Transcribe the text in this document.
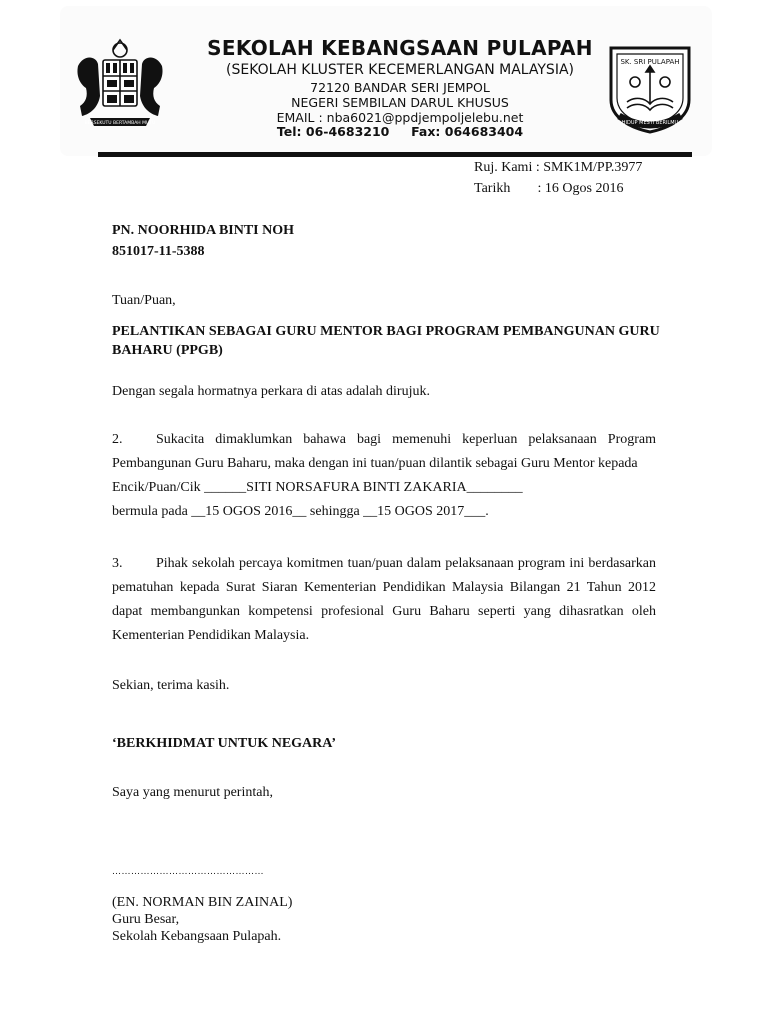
BERSEKUTU BERTAMBAH MUTU
SK. SRI PULAPAH
HIDUP MESTI BERILMU
SEKOLAH KEBANGSAAN PULAPAH
(SEKOLAH KLUSTER KECEMERLANGAN MALAYSIA)
72120 BANDAR SERI JEMPOL
NEGERI SEMBILAN DARUL KHUSUS
EMAIL : nba6021@ppdjempoljelebu.net
Tel: 06-4683210     Fax: 064683404
Ruj. Kami : SMK1M/PP.3977
Tarikh : 16 Ogos 2016
PN. NOORHIDA BINTI NOH
851017-11-5388
Tuan/Puan,
PELANTIKAN SEBAGAI GURU MENTOR BAGI PROGRAM PEMBANGUNAN GURU BAHARU (PPGB)
Dengan segala hormatnya perkara di atas adalah dirujuk.
2. Sukacita dimaklumkan bahawa bagi memenuhi keperluan pelaksanaan Program Pembangunan Guru Baharu, maka dengan ini tuan/puan dilantik sebagai Guru Mentor kepada
Encik/Puan/Cik ______SITI NORSAFURA BINTI ZAKARIA________
bermula pada __15 OGOS 2016__ sehingga __15 OGOS 2017___.
3. Pihak sekolah percaya komitmen tuan/puan dalam pelaksanaan program ini berdasarkan pematuhan kepada Surat Siaran Kementerian Pendidikan Malaysia Bilangan 21 Tahun 2012 dapat membangunkan kompetensi profesional Guru Baharu seperti yang dihasratkan oleh Kementerian Pendidikan Malaysia.
Sekian, terima kasih.
‘BERKHIDMAT UNTUK NEGARA’
Saya yang menurut perintah,
…………………………………………
(EN. NORMAN BIN ZAINAL)
Guru Besar,
Sekolah Kebangsaan Pulapah.
